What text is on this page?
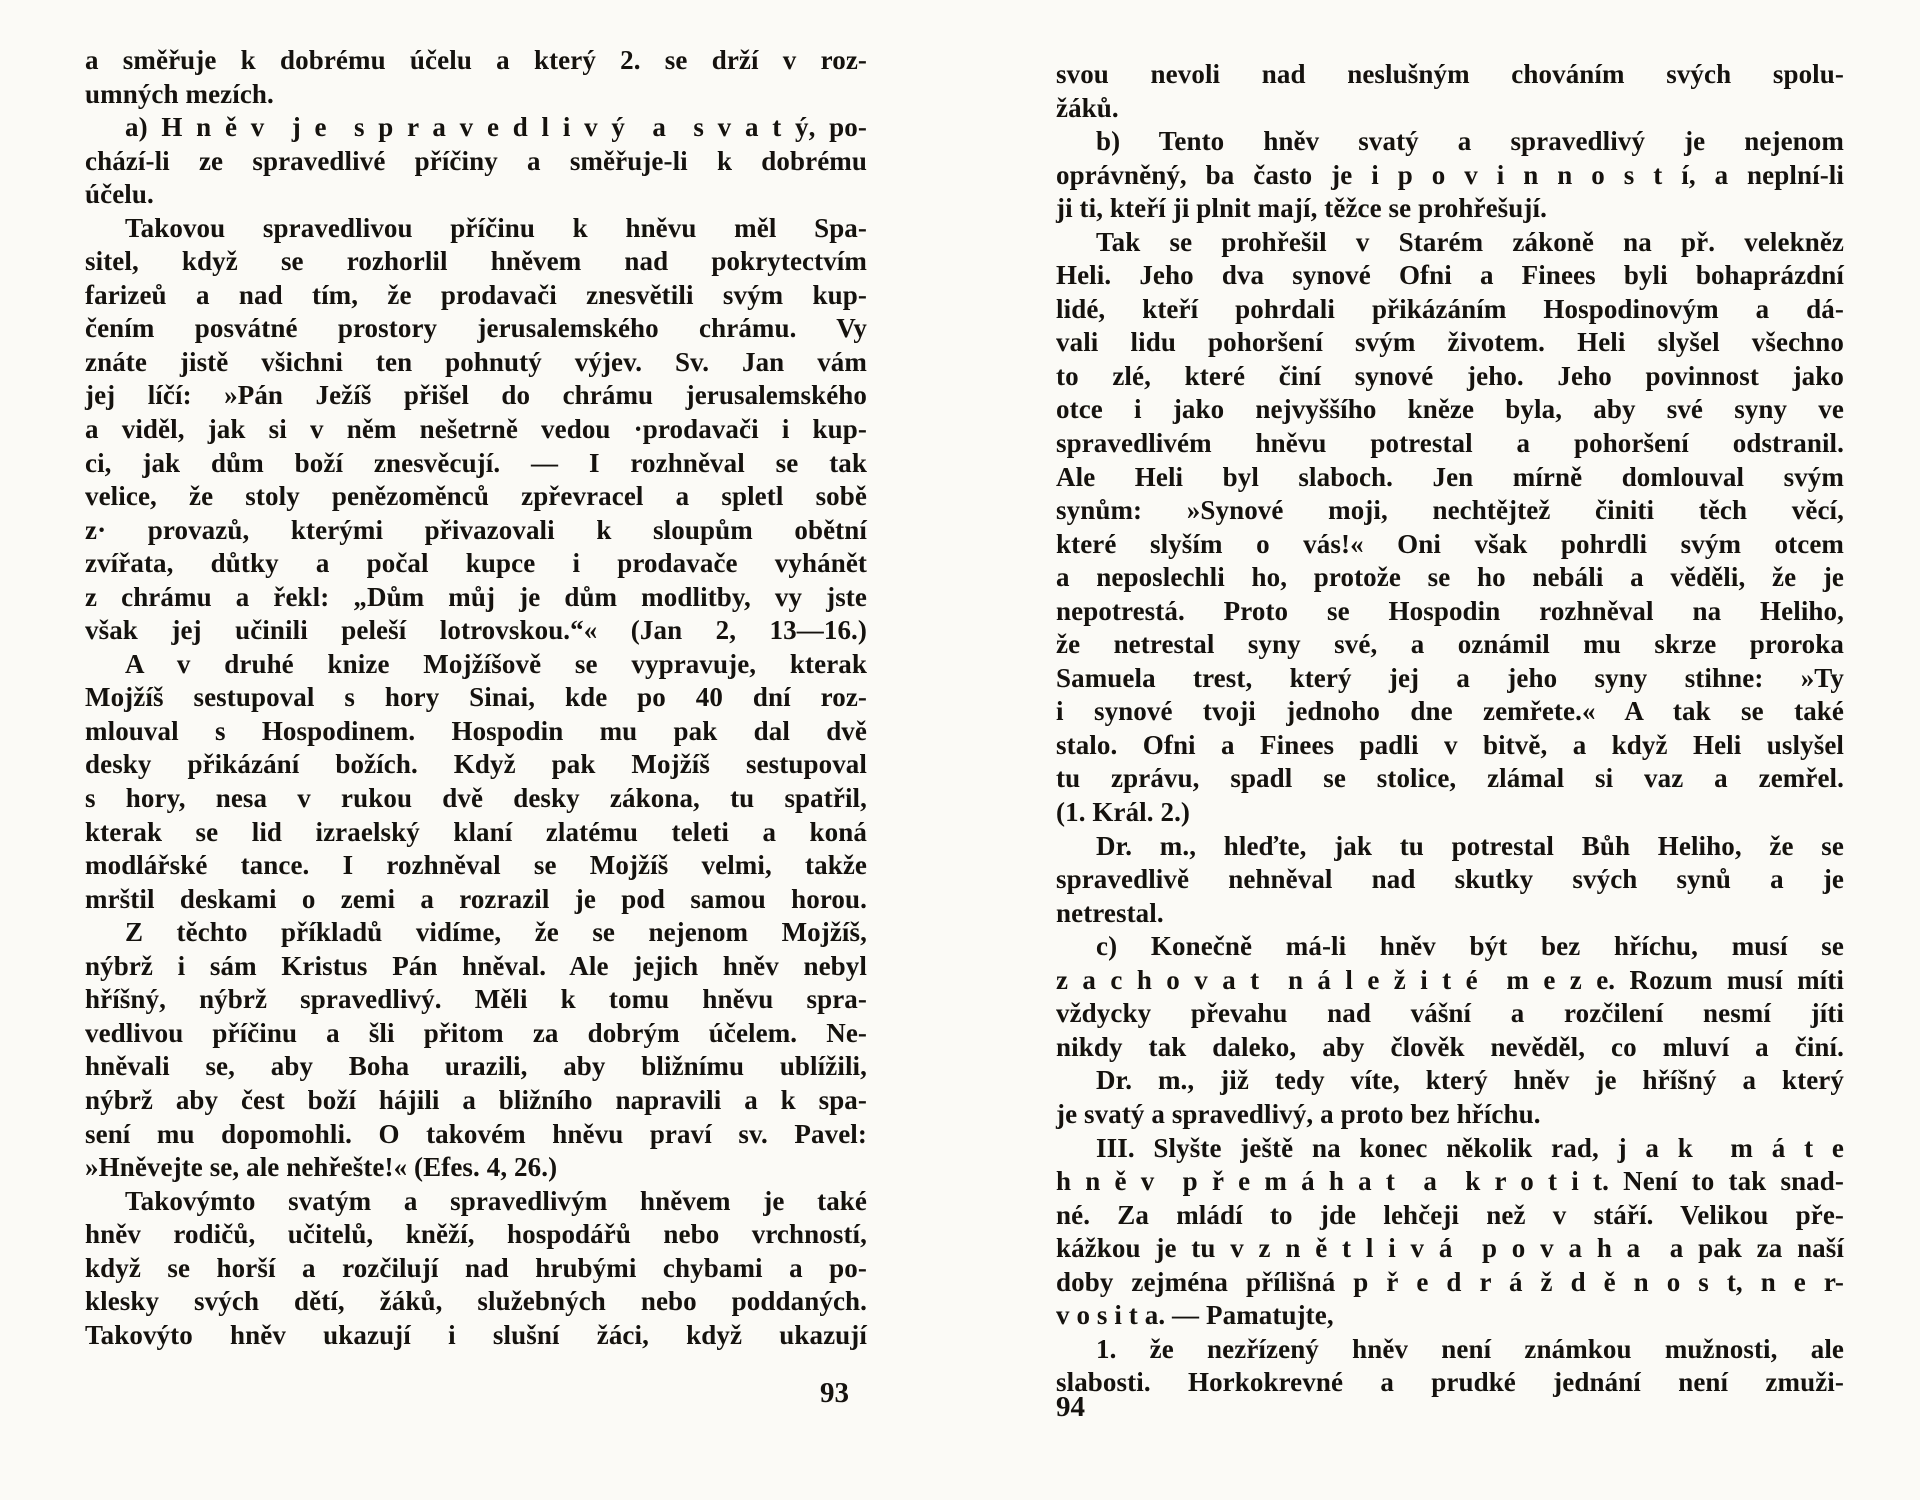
a směřuje k dobrému účelu a který 2. se drží v roz-
umných mezích.
a) H n ě v  j e  s p r a v e d l i v ý  a  s v a t ý, po-
chází-li ze spravedlivé příčiny a směřuje-li k dobrému
účelu.
Takovou spravedlivou příčinu k hněvu měl Spa-
sitel, když se rozhorlil hněvem nad pokrytectvím
farizeů a nad tím, že prodavači znesvětili svým kup-
čením posvátné prostory jerusalemského chrámu. Vy
znáte jistě všichni ten pohnutý výjev. Sv. Jan vám
jej líčí: »Pán Ježíš přišel do chrámu jerusalemského
a viděl, jak si v něm nešetrně vedou ·prodavači i kup-
ci, jak dům boží znesvěcují. — I rozhněval se tak
velice, že stoly penězoměnců zpřevracel a spletl sobě
z· provazů, kterými přivazovali k sloupům obětní
zvířata, důtky a počal kupce i prodavače vyhánět
z chrámu a řekl: „Dům můj je dům modlitby, vy jste
však jej učinili peleší lotrovskou.“« (Jan 2, 13—16.)
A v druhé knize Mojžíšově se vypravuje, kterak
Mojžíš sestupoval s hory Sinai, kde po 40 dní roz-
mlouval s Hospodinem. Hospodin mu pak dal dvě
desky přikázání božích. Když pak Mojžíš sestupoval
s hory, nesa v rukou dvě desky zákona, tu spatřil,
kterak se lid izraelský klaní zlatému teleti a koná
modlářské tance. I rozhněval se Mojžíš velmi, takže
mrštil deskami o zemi a rozrazil je pod samou horou.
Z těchto příkladů vidíme, že se nejenom Mojžíš,
nýbrž i sám Kristus Pán hněval. Ale jejich hněv nebyl
hříšný, nýbrž spravedlivý. Měli k tomu hněvu spra-
vedlivou příčinu a šli přitom za dobrým účelem. Ne-
hněvali se, aby Boha urazili, aby bližnímu ublížili,
nýbrž aby čest boží hájili a bližního napravili a k spa-
sení mu dopomohli. O takovém hněvu praví sv. Pavel:
»Hněvejte se, ale nehřešte!« (Efes. 4, 26.)
Takovýmto svatým a spravedlivým hněvem je také
hněv rodičů, učitelů, kněží, hospodářů nebo vrchností,
když se horší a rozčilují nad hrubými chybami a po-
klesky svých dětí, žáků, služebných nebo poddaných.
Takovýto hněv ukazují i slušní žáci, když ukazují
svou nevoli nad neslušným chováním svých spolu-
žáků.
b) Tento hněv svatý a spravedlivý je nejenom
oprávněný, ba často je i p o v i n n o s t í, a neplní-li
ji ti, kteří ji plnit mají, těžce se prohřešují.
Tak se prohřešil v Starém zákoně na př. velekněz
Heli. Jeho dva synové Ofni a Finees byli bohaprázdní
lidé, kteří pohrdali přikázáním Hospodinovým a dá-
vali lidu pohoršení svým životem. Heli slyšel všechno
to zlé, které činí synové jeho. Jeho povinnost jako
otce i jako nejvyššího kněze byla, aby své syny ve
spravedlivém hněvu potrestal a pohoršení odstranil.
Ale Heli byl slaboch. Jen mírně domlouval svým
synům: »Synové moji, nechtějtež činiti těch věcí,
které slyším o vás!« Oni však pohrdli svým otcem
a neposlechli ho, protože se ho nebáli a věděli, že je
nepotrestá. Proto se Hospodin rozhněval na Heliho,
že netrestal syny své, a oznámil mu skrze proroka
Samuela trest, který jej a jeho syny stihne: »Ty
i synové tvoji jednoho dne zemřete.« A tak se také
stalo. Ofni a Finees padli v bitvě, a když Heli uslyšel
tu zprávu, spadl se stolice, zlámal si vaz a zemřel.
(1. Král. 2.)
Dr. m., hleďte, jak tu potrestal Bůh Heliho, že se
spravedlivě nehněval nad skutky svých synů a je
netrestal.
c) Konečně má-li hněv být bez hříchu, musí se
z a c h o v a t  n á l e ž i t é  m e z e. Rozum musí míti
vždycky převahu nad vášní a rozčilení nesmí jíti
nikdy tak daleko, aby člověk nevěděl, co mluví a činí.
Dr. m., již tedy víte, který hněv je hříšný a který
je svatý a spravedlivý, a proto bez hříchu.
III. Slyšte ještě na konec několik rad, j a k  m á t e
h n ě v  p ř e m á h a t  a  k r o t i t. Není to tak snad-
né. Za mládí to jde lehčeji než v stáří. Velikou pře-
kážkou je tu v z n ě t l i v á  p o v a h a  a pak za naší
doby zejména přílišná p ř e d r á ž d ě n o s t, n e r-
v o s i t a. — Pamatujte,
1. že nezřízený hněv není známkou mužnosti, ale
slabosti. Horkokrevné a prudké jednání není zmuži-
93	94
